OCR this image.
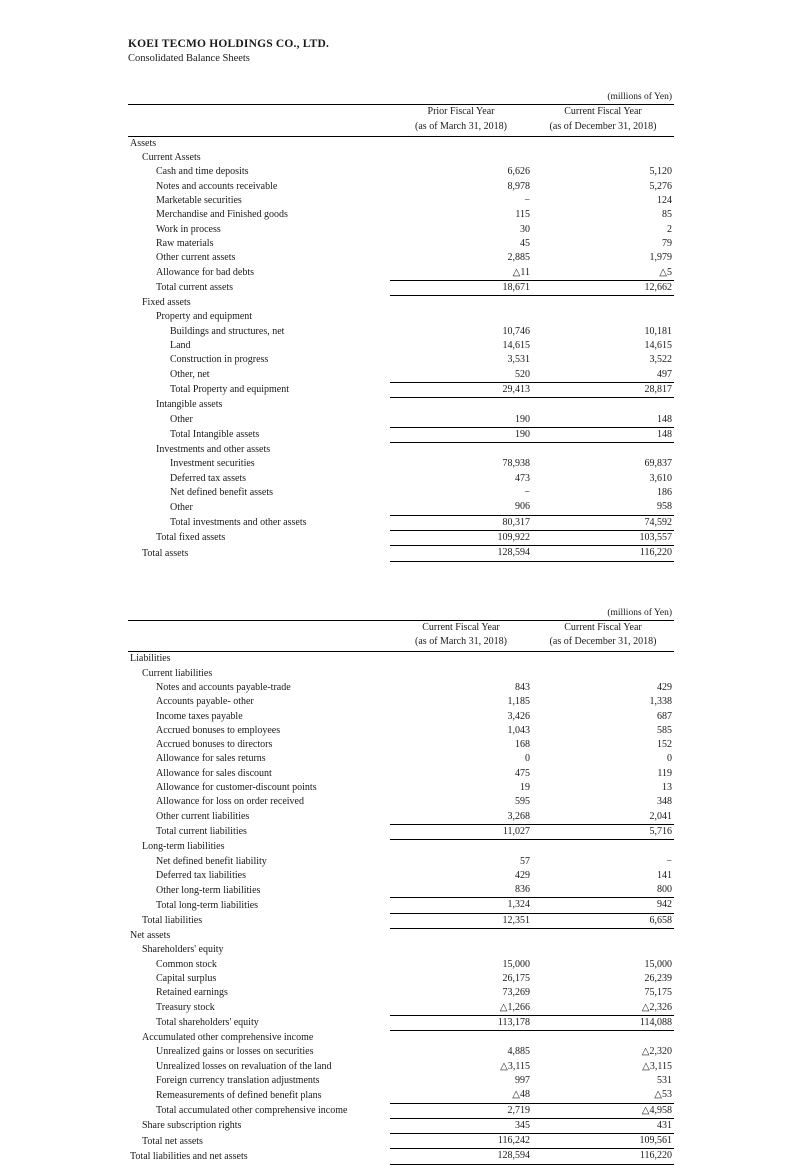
KOEI TECMO HOLDINGS CO., LTD.
Consolidated Balance Sheets
		(millions of Yen)
	Prior Fiscal Year	Current Fiscal Year
	(as of March 31, 2018)	(as of December 31, 2018)
Assets		
Current Assets		
Cash and time deposits	6,626	5,120
Notes and accounts receivable	8,978	5,276
Marketable securities	−	124
Merchandise and Finished goods	115	85
Work in process	30	2
Raw materials	45	79
Other current assets	2,885	1,979
Allowance for bad debts	△11	△5
Total current assets	18,671	12,662
Fixed assets		
Property and equipment		
Buildings and structures, net	10,746	10,181
Land	14,615	14,615
Construction in progress	3,531	3,522
Other, net	520	497
Total Property and equipment	29,413	28,817
Intangible assets		
Other	190	148
Total Intangible assets	190	148
Investments and other assets		
Investment securities	78,938	69,837
Deferred tax assets	473	3,610
Net defined benefit assets	−	186
Other	906	958
Total investments and other assets	80,317	74,592
Total fixed assets	109,922	103,557
Total assets	128,594	116,220
		(millions of Yen)
	Current Fiscal Year	Current Fiscal Year
	(as of March 31, 2018)	(as of December 31, 2018)
Liabilities		
Current liabilities		
Notes and accounts payable-trade	843	429
Accounts payable- other	1,185	1,338
Income taxes payable	3,426	687
Accrued bonuses to employees	1,043	585
Accrued bonuses to directors	168	152
Allowance for sales returns	0	0
Allowance for sales discount	475	119
Allowance for customer-discount points	19	13
Allowance for loss on order received	595	348
Other current liabilities	3,268	2,041
Total current liabilities	11,027	5,716
Long-term liabilities		
Net defined benefit liability	57	−
Deferred tax liabilities	429	141
Other long-term liabilities	836	800
Total long-term liabilities	1,324	942
Total liabilities	12,351	6,658
Net assets		
Shareholders' equity		
Common stock	15,000	15,000
Capital surplus	26,175	26,239
Retained earnings	73,269	75,175
Treasury stock	△1,266	△2,326
Total shareholders' equity	113,178	114,088
Accumulated other comprehensive income		
Unrealized gains or losses on securities	4,885	△2,320
Unrealized losses on revaluation of the land	△3,115	△3,115
Foreign currency translation adjustments	997	531
Remeasurements of defined benefit plans	△48	△53
Total accumulated other comprehensive income	2,719	△4,958
Share subscription rights	345	431
Total net assets	116,242	109,561
Total liabilities and net assets	128,594	116,220
